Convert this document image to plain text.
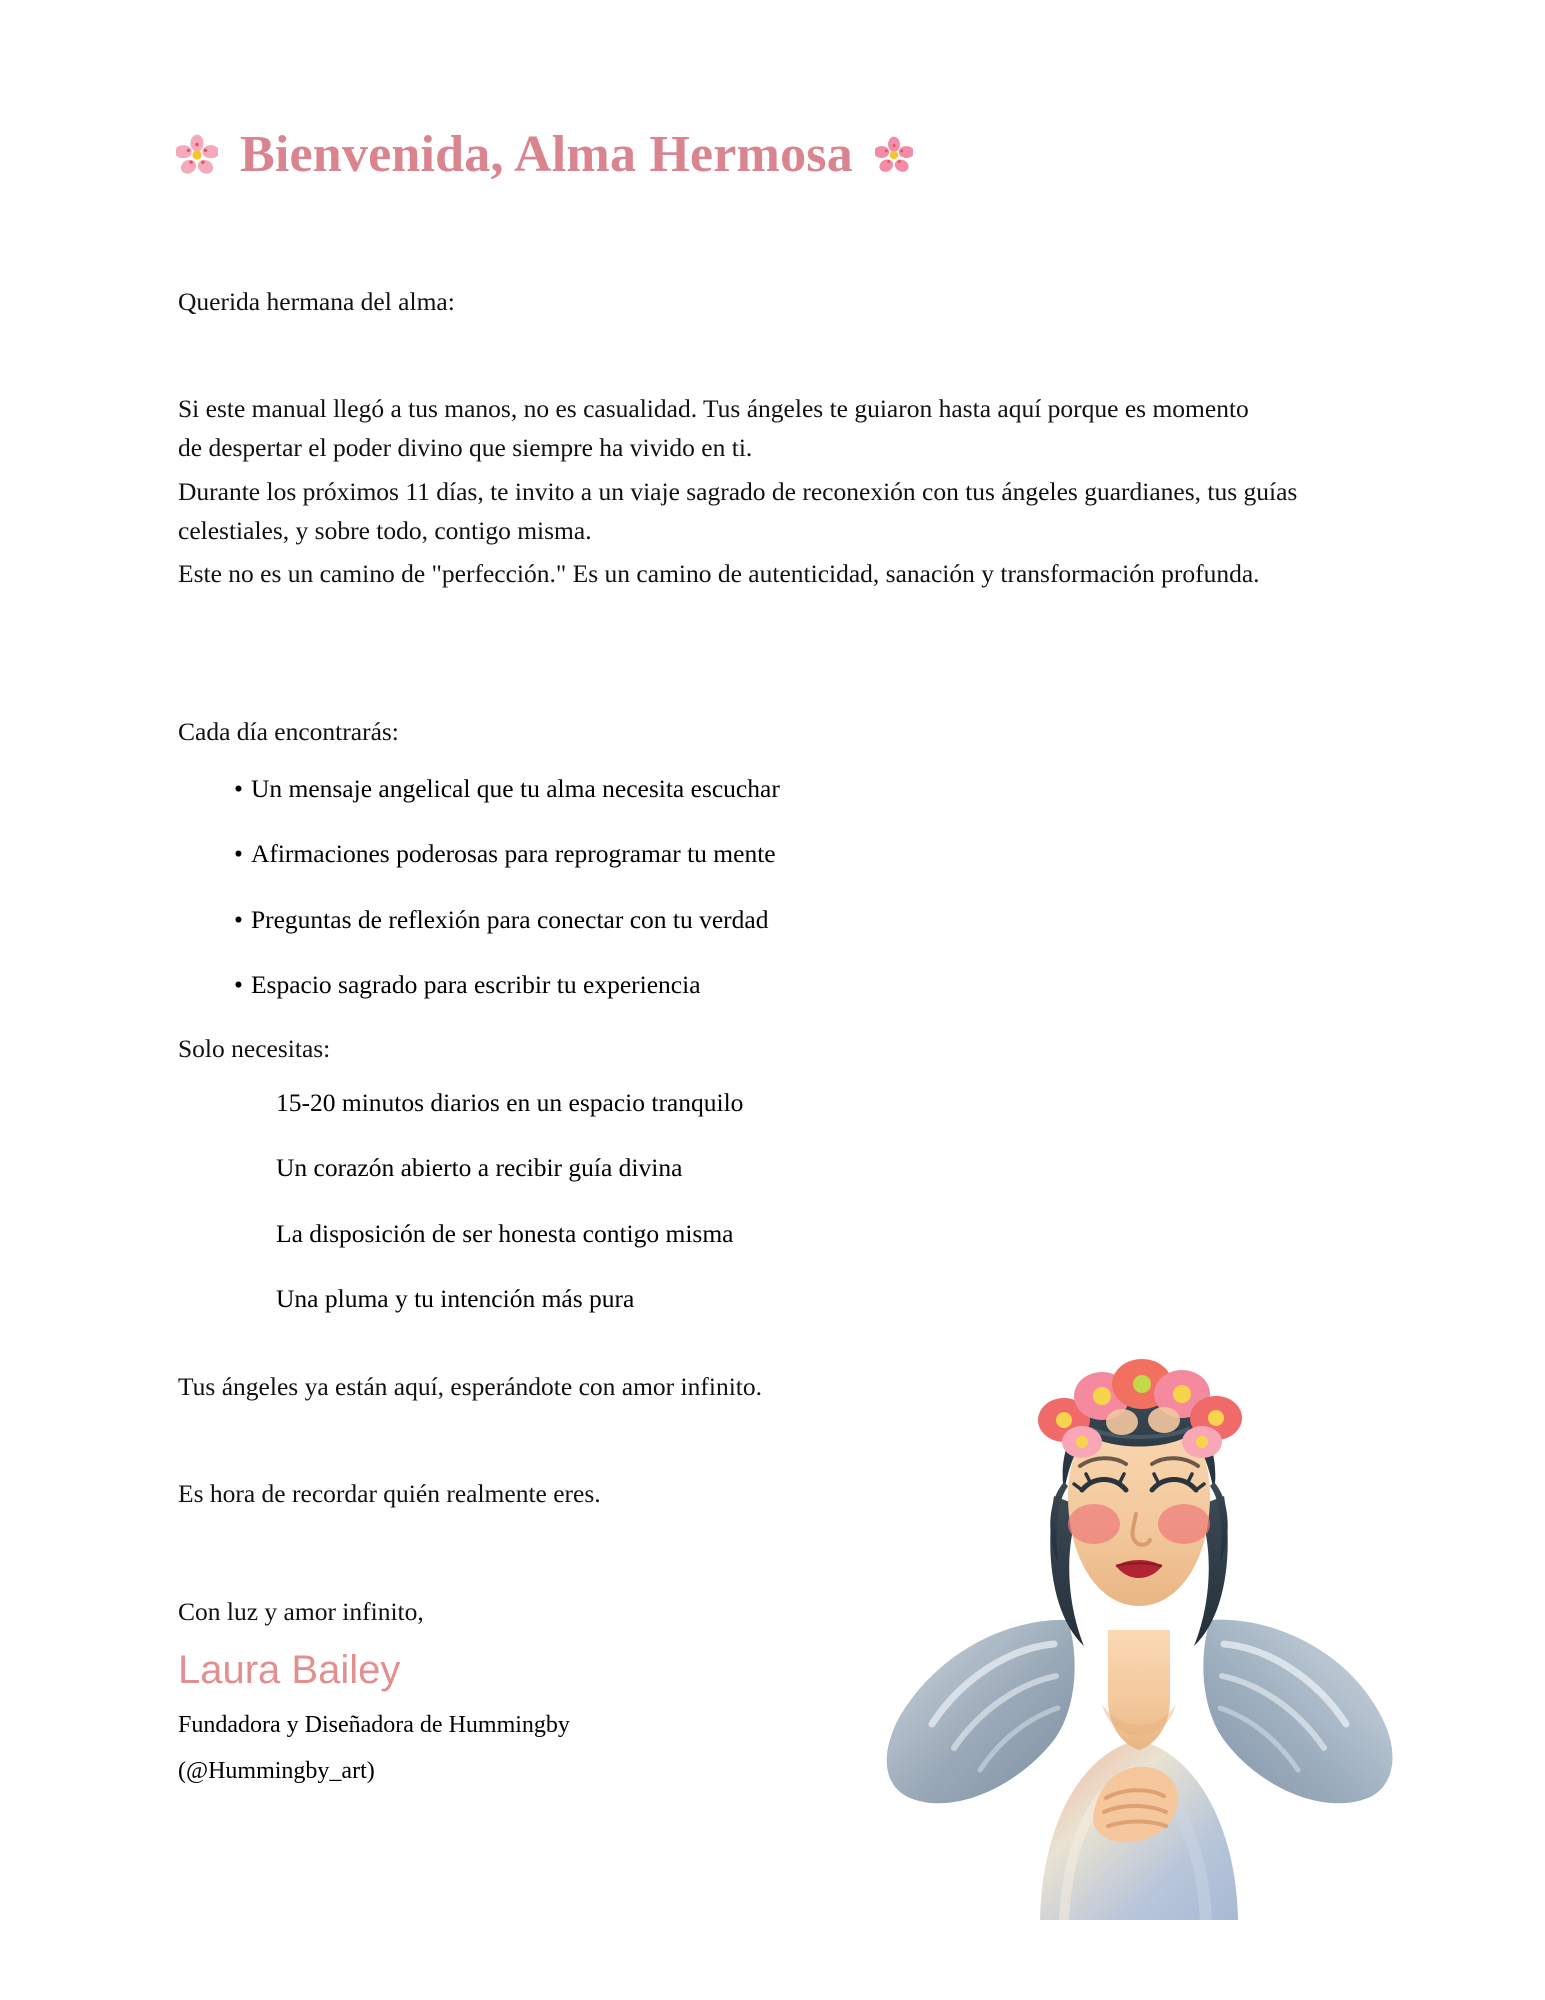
Bienvenida, Alma Hermosa

Querida hermana del alma:

Si este manual llegó a tus manos, no es casualidad. Tus ángeles te guiaron hasta aquí porque es momento de despertar el poder divino que siempre ha vivido en ti.

Durante los próximos 11 días, te invito a un viaje sagrado de reconexión con tus ángeles guardianes, tus guías celestiales, y sobre todo, contigo misma.

Este no es un camino de "perfección." Es un camino de autenticidad, sanación y transformación profunda.

Cada día encontrarás:

• Un mensaje angelical que tu alma necesita escuchar
• Afirmaciones poderosas para reprogramar tu mente
• Preguntas de reflexión para conectar con tu verdad
• Espacio sagrado para escribir tu experiencia

Solo necesitas:

15-20 minutos diarios en un espacio tranquilo
Un corazón abierto a recibir guía divina
La disposición de ser honesta contigo misma
Una pluma y tu intención más pura

Tus ángeles ya están aquí, esperándote con amor infinito.

Es hora de recordar quién realmente eres.

Con luz y amor infinito,
Laura Bailey
Fundadora y Diseñadora de Hummingby
(@Hummingby_art)
